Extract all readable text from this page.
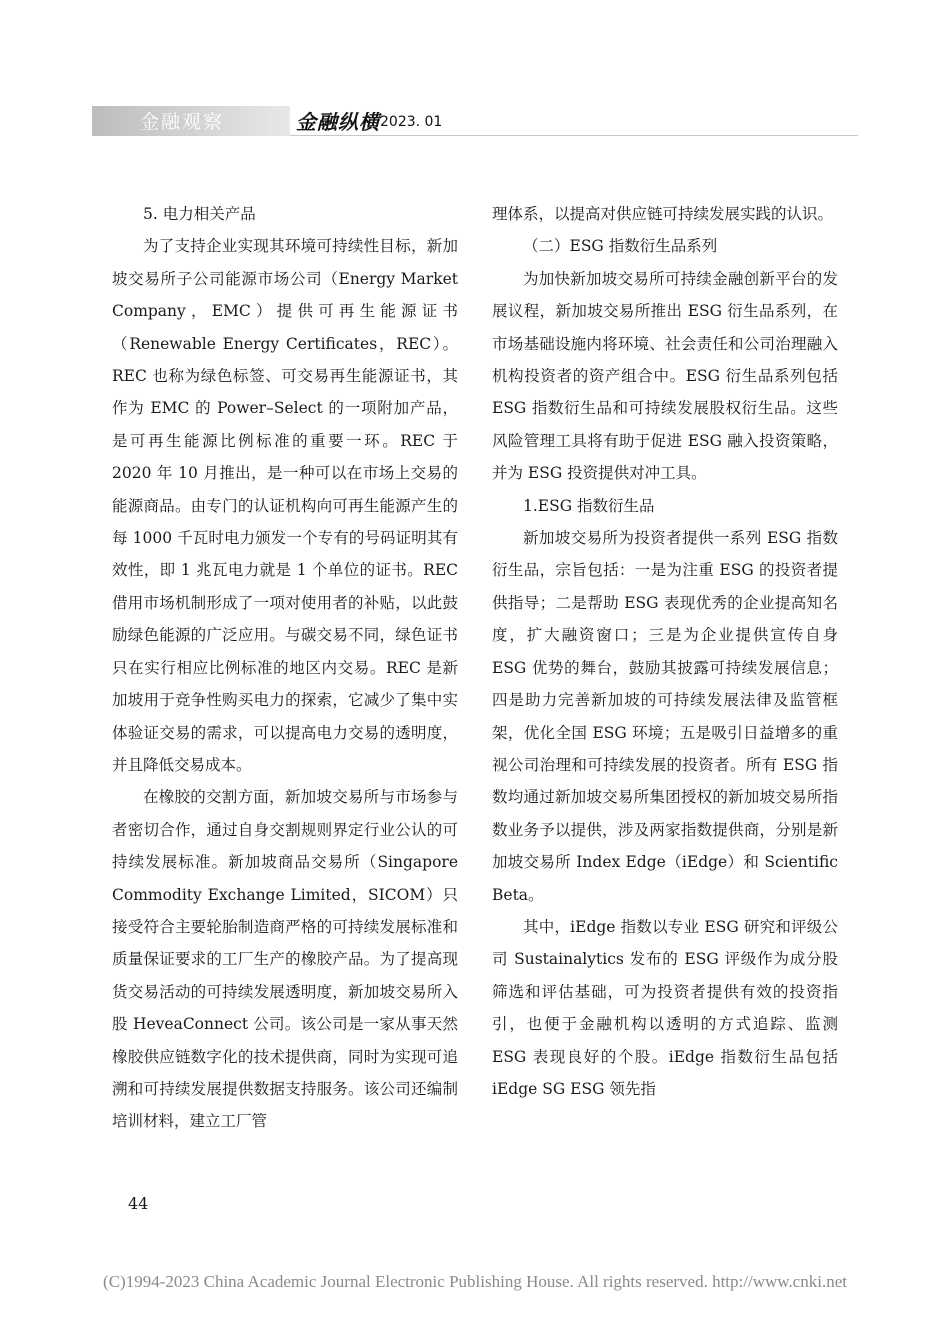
金融观察	金融纵横 2023. 01

5. 电力相关产品

为了支持企业实现其环境可持续性目标，新加坡交易所子公司能源市场公司（Energy Market Company，EMC）提供可再生能源证书（Renewable Energy Certificates，REC）。REC 也称为绿色标签、可交易再生能源证书，其作为 EMC 的 Power–Select 的一项附加产品，是可再生能源比例标准的重要一环。REC 于 2020 年 10 月推出，是一种可以在市场上交易的能源商品。由专门的认证机构向可再生能源产生的每 1000 千瓦时电力颁发一个专有的号码证明其有效性，即 1 兆瓦电力就是 1 个单位的证书。REC 借用市场机制形成了一项对使用者的补贴，以此鼓励绿色能源的广泛应用。与碳交易不同，绿色证书只在实行相应比例标准的地区内交易。REC 是新加坡用于竞争性购买电力的探索，它减少了集中实体验证交易的需求，可以提高电力交易的透明度，并且降低交易成本。

在橡胶的交割方面，新加坡交易所与市场参与者密切合作，通过自身交割规则界定行业公认的可持续发展标准。新加坡商品交易所（Singapore Commodity Exchange Limited，SICOM）只接受符合主要轮胎制造商严格的可持续发展标准和质量保证要求的工厂生产的橡胶产品。为了提高现货交易活动的可持续发展透明度，新加坡交易所入股 HeveaConnect 公司。该公司是一家从事天然橡胶供应链数字化的技术提供商，同时为实现可追溯和可持续发展提供数据支持服务。该公司还编制培训材料，建立工厂管

理体系，以提高对供应链可持续发展实践的认识。

（二）ESG 指数衍生品系列

为加快新加坡交易所可持续金融创新平台的发展议程，新加坡交易所推出 ESG 衍生品系列，在市场基础设施内将环境、社会责任和公司治理融入机构投资者的资产组合中。ESG 衍生品系列包括 ESG 指数衍生品和可持续发展股权衍生品。这些风险管理工具将有助于促进 ESG 融入投资策略，并为 ESG 投资提供对冲工具。

1.ESG 指数衍生品

新加坡交易所为投资者提供一系列 ESG 指数衍生品，宗旨包括：一是为注重 ESG 的投资者提供指导；二是帮助 ESG 表现优秀的企业提高知名度，扩大融资窗口；三是为企业提供宣传自身 ESG 优势的舞台，鼓励其披露可持续发展信息；四是助力完善新加坡的可持续发展法律及监管框架，优化全国 ESG 环境；五是吸引日益增多的重视公司治理和可持续发展的投资者。所有 ESG 指数均通过新加坡交易所集团授权的新加坡交易所指数业务予以提供，涉及两家指数提供商，分别是新加坡交易所 Index Edge（iEdge）和 Scientific Beta。

其中，iEdge 指数以专业 ESG 研究和评级公司 Sustainalytics 发布的 ESG 评级作为成分股筛选和评估基础，可为投资者提供有效的投资指引，也便于金融机构以透明的方式追踪、监测 ESG 表现良好的个股。iEdge 指数衍生品包括 iEdge SG ESG 领先指

44
(C)1994-2023 China Academic Journal Electronic Publishing House. All rights reserved. http://www.cnki.net
